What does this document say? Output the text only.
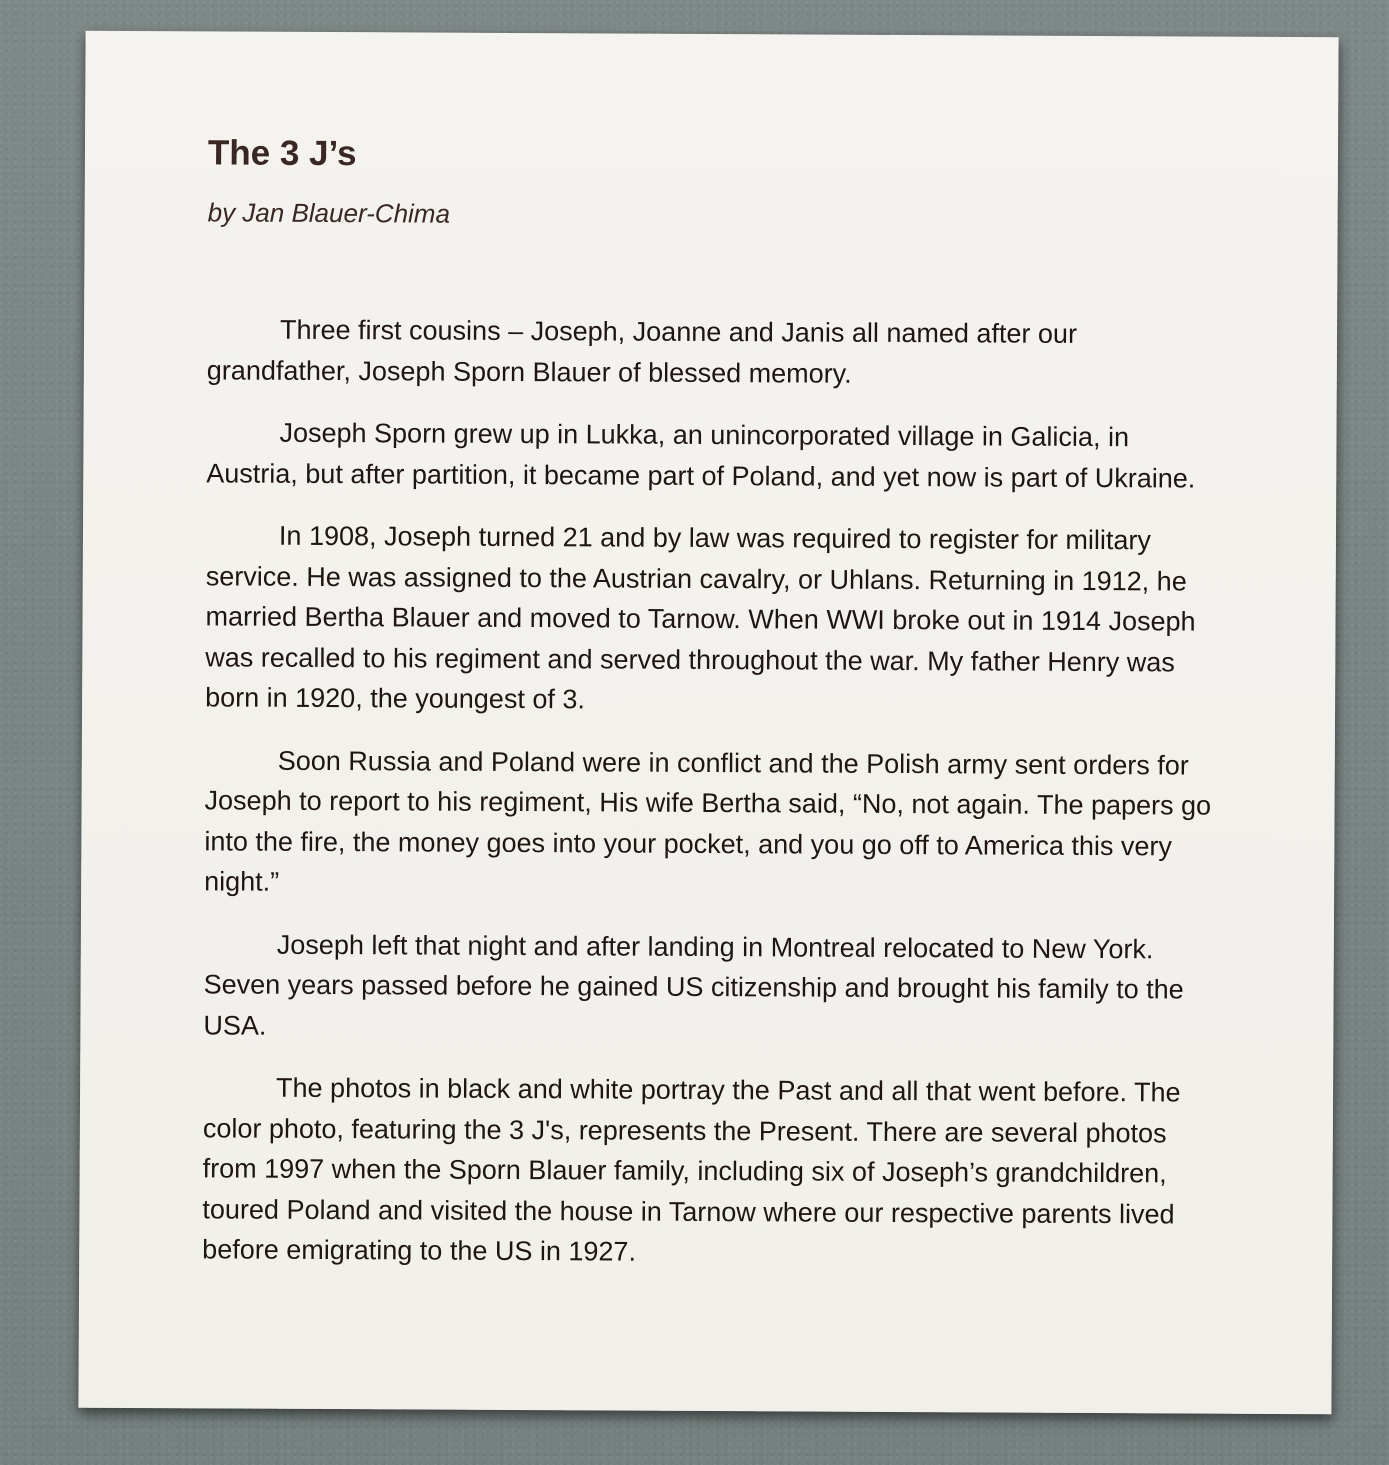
The 3 J’s

by Jan Blauer-Chima

Three first cousins – Joseph, Joanne and Janis all named after our grandfather, Joseph Sporn Blauer of blessed memory.

Joseph Sporn grew up in Lukka, an unincorporated village in Galicia, in Austria, but after partition, it became part of Poland, and yet now is part of Ukraine.

In 1908, Joseph turned 21 and by law was required to register for military service. He was assigned to the Austrian cavalry, or Uhlans. Returning in 1912, he married Bertha Blauer and moved to Tarnow. When WWI broke out in 1914 Joseph was recalled to his regiment and served throughout the war. My father Henry was born in 1920, the youngest of 3.

Soon Russia and Poland were in conflict and the Polish army sent orders for Joseph to report to his regiment, His wife Bertha said, “No, not again. The papers go into the fire, the money goes into your pocket, and you go off to America this very night.”

Joseph left that night and after landing in Montreal relocated to New York. Seven years passed before he gained US citizenship and brought his family to the USA.

The photos in black and white portray the Past and all that went before. The color photo, featuring the 3 J's, represents the Present. There are several photos from 1997 when the Sporn Blauer family, including six of Joseph’s grandchildren, toured Poland and visited the house in Tarnow where our respective parents lived before emigrating to the US in 1927.
